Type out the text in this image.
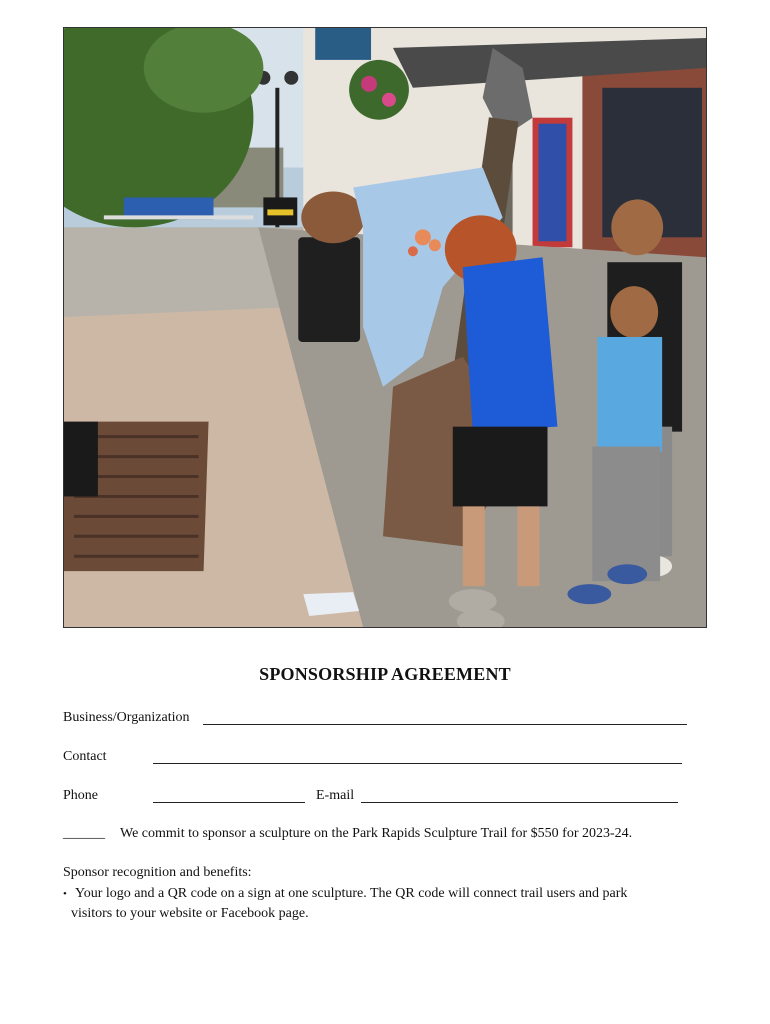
SPONSORSHIP AGREEMENT
Business/Organization
Contact
Phone	E-mail
______ We commit to sponsor a sculpture on the Park Rapids Sculpture Trail for $550 for 2023-24.
Sponsor recognition and benefits:
• Your logo and a QR code on a sign at one sculpture. The QR code will connect trail users and park
visitors to your website or Facebook page.
